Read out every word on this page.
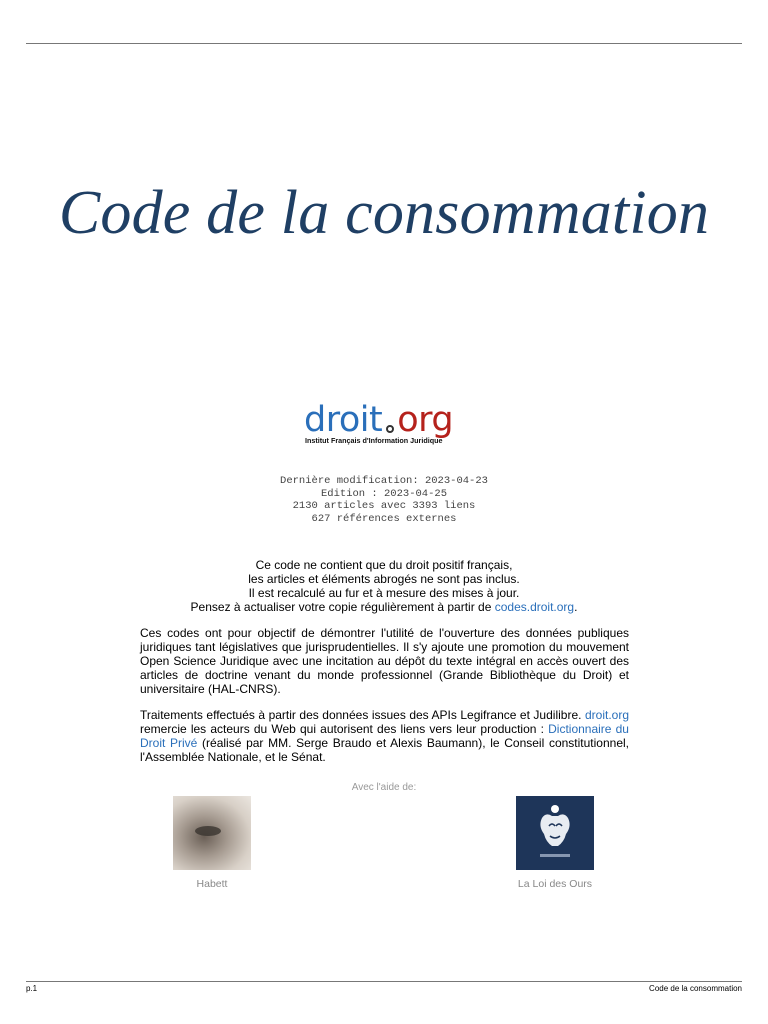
Code de la consommation
droit org
Institut Français d'Information Juridique
Dernière modification: 2023-04-23
Edition : 2023-04-25
2130 articles avec 3393 liens
627 références externes
Ce code ne contient que du droit positif français,
les articles et éléments abrogés ne sont pas inclus.
Il est recalculé au fur et à mesure des mises à jour.
Pensez à actualiser votre copie régulièrement à partir de codes.droit.org.
Ces codes ont pour objectif de démontrer l'utilité de l'ouverture des données publiques juridiques tant législatives que jurisprudentielles. Il s'y ajoute une promotion du mouvement Open Science Juridique avec une incitation au dépôt du texte intégral en accès ouvert des articles de doctrine venant du monde professionnel (Grande Bibliothèque du Droit) et universitaire (HAL-CNRS).
Traitements effectués à partir des données issues des APIs Legifrance et Judilibre. droit.org remercie les acteurs du Web qui autorisent des liens vers leur production : Dictionnaire du Droit Privé (réalisé par MM. Serge Braudo et Alexis Baumann), le Conseil constitutionnel, l'Assemblée Nationale, et le Sénat.
Avec l'aide de:
Habett	La Loi des Ours
p.1	Code de la consommation
